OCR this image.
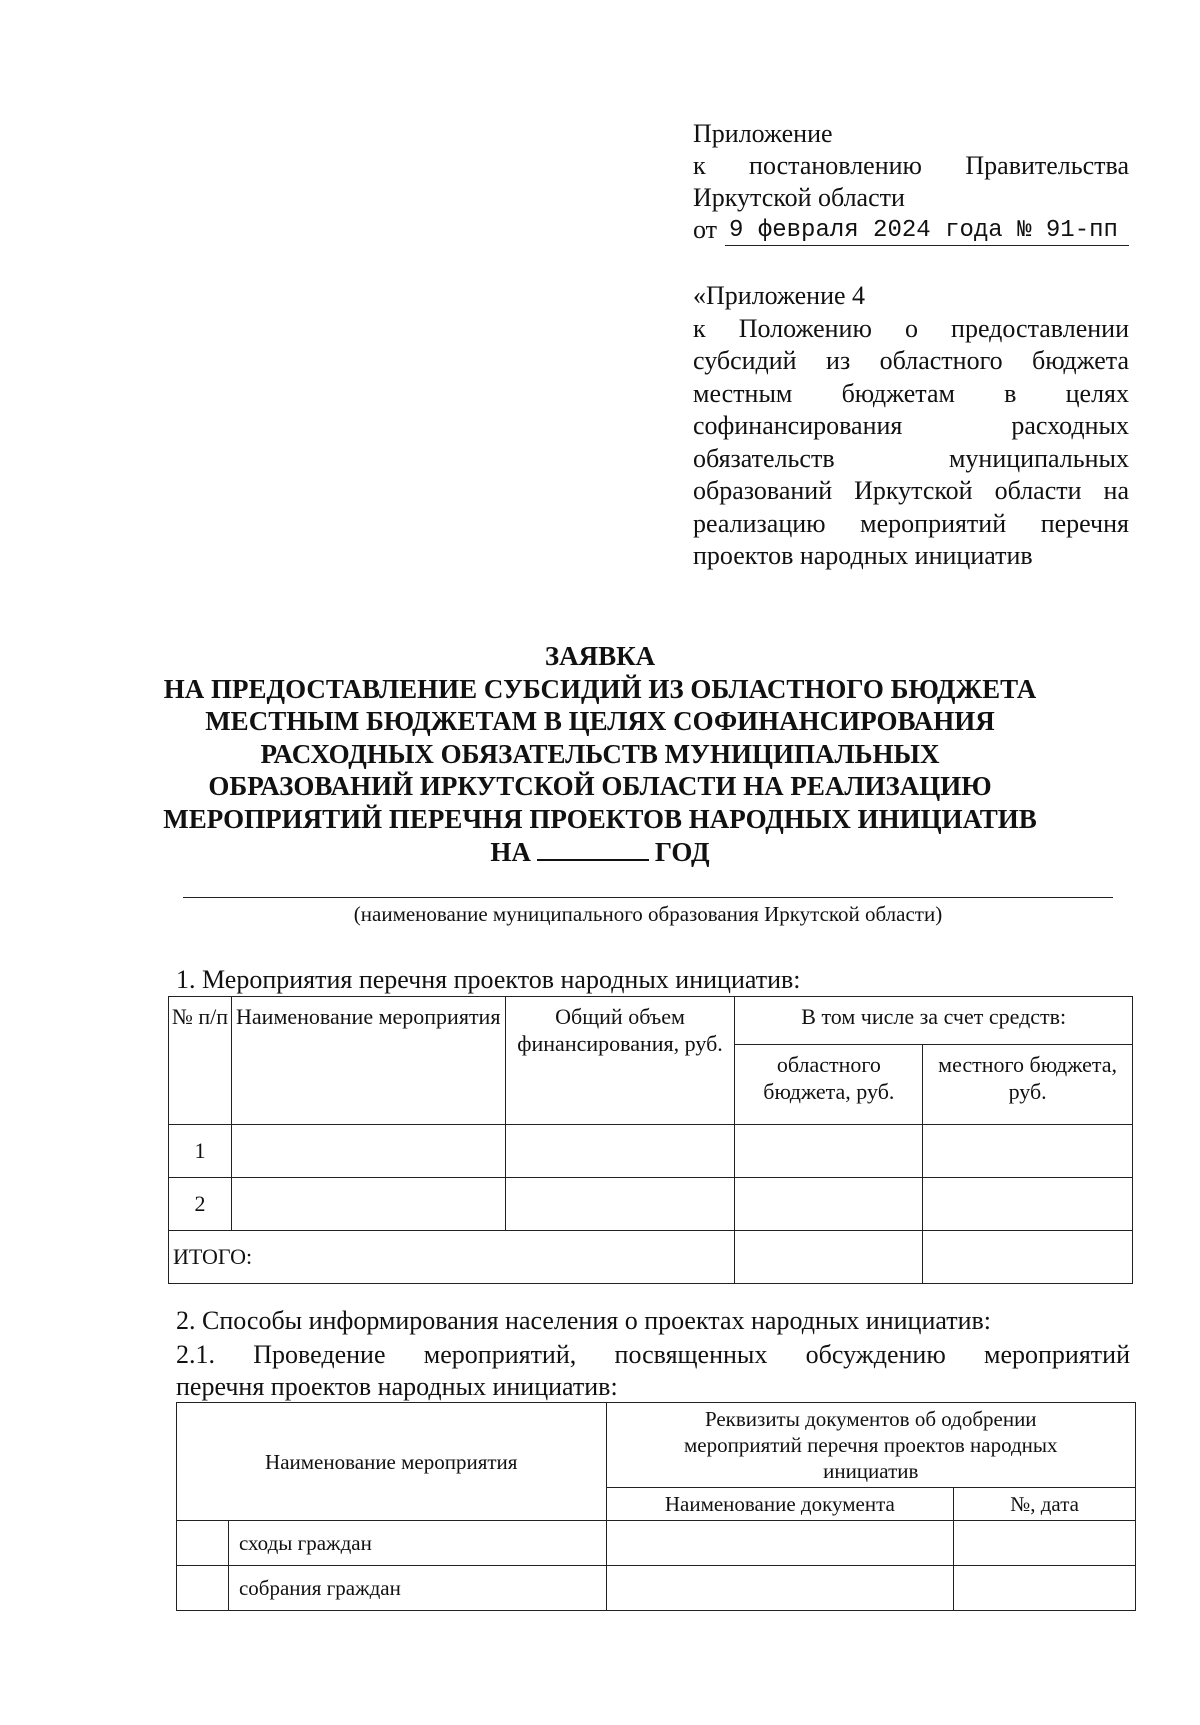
Приложение
к постановлению Правительства
Иркутской области
от 9 февраля 2024 года № 91-пп
«Приложение 4
к Положению о предоставлении
субсидий из областного бюджета
местным бюджетам в целях
софинансирования расходных
обязательств муниципальных
образований Иркутской области на
реализацию мероприятий перечня
проектов народных инициатив
ЗАЯВКА
НА ПРЕДОСТАВЛЕНИЕ СУБСИДИЙ ИЗ ОБЛАСТНОГО БЮДЖЕТА
МЕСТНЫМ БЮДЖЕТАМ В ЦЕЛЯХ СОФИНАНСИРОВАНИЯ
РАСХОДНЫХ ОБЯЗАТЕЛЬСТВ МУНИЦИПАЛЬНЫХ
ОБРАЗОВАНИЙ ИРКУТСКОЙ ОБЛАСТИ НА РЕАЛИЗАЦИЮ
МЕРОПРИЯТИЙ ПЕРЕЧНЯ ПРОЕКТОВ НАРОДНЫХ ИНИЦИАТИВ
НА	ГОД
(наименование муниципального образования Иркутской области)
1. Мероприятия перечня проектов народных инициатив:
№ п/п	Наименование мероприятия	Общий объем финансирования, руб.	В том числе за счет средств:	
			областного бюджета, руб.	местного бюджета, руб.
1				
2				
ИТОГО:				
2. Способы информирования населения о проектах народных инициатив:
2.1. Проведение мероприятий, посвященных обсуждению мероприятий
перечня проектов народных инициатив:
Наименование мероприятия		Реквизиты документов об одобрении мероприятий перечня проектов народных инициатив	
		Наименование документа	№, дата
	сходы граждан		
	собрания граждан		
